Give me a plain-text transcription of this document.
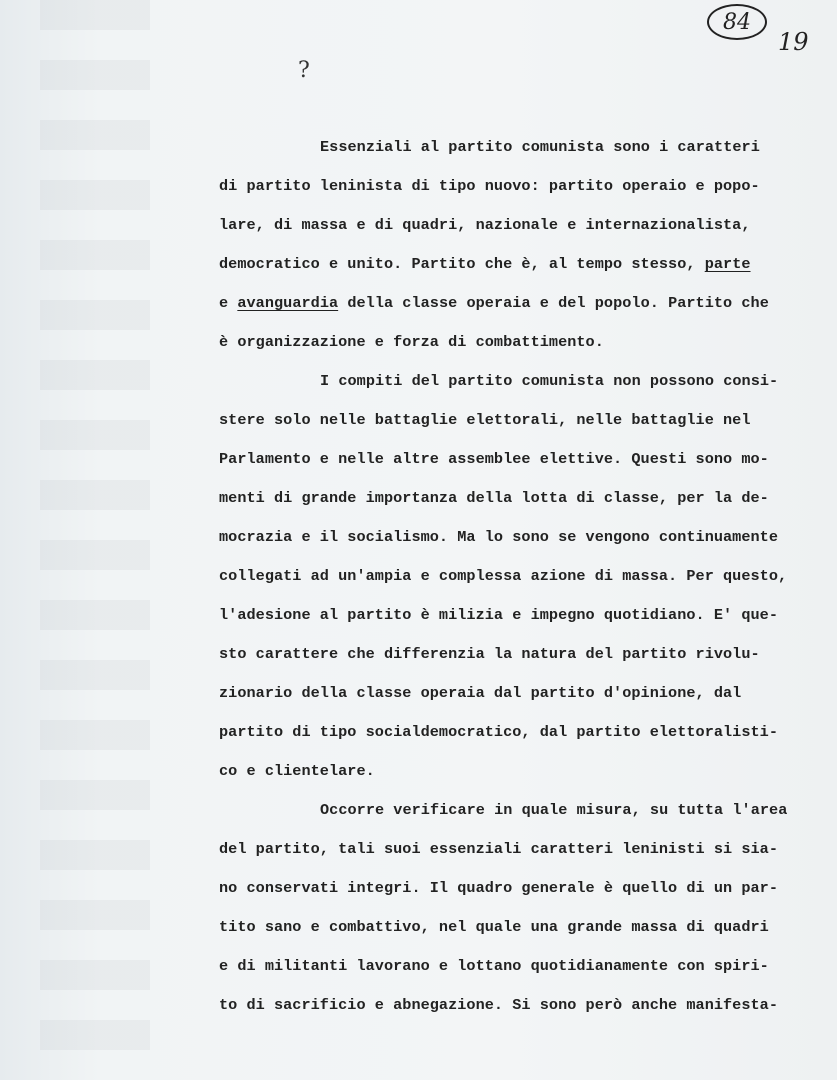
84
19
?
Essenziali al partito comunista sono i caratteri
di partito leninista di tipo nuovo: partito operaio e popo-
lare, di massa e di quadri, nazionale e internazionalista,
democratico e unito. Partito che è, al tempo stesso, parte
e avanguardia della classe operaia e del popolo. Partito che
è organizzazione e forza di combattimento.
I compiti del partito comunista non possono consi-
stere solo nelle battaglie elettorali, nelle battaglie nel
Parlamento e nelle altre assemblee elettive. Questi sono mo-
menti di grande importanza della lotta di classe, per la de-
mocrazia e il socialismo. Ma lo sono se vengono continuamente
collegati ad un'ampia e complessa azione di massa. Per questo,
l'adesione al partito è milizia e impegno quotidiano. E' que-
sto carattere che differenzia la natura del partito rivolu-
zionario della classe operaia dal partito d'opinione, dal
partito di tipo socialdemocratico, dal partito elettoralisti-
co e clientelare.
Occorre verificare in quale misura, su tutta l'area
del partito, tali suoi essenziali caratteri leninisti si sia-
no conservati integri. Il quadro generale è quello di un par-
tito sano e combattivo, nel quale una grande massa di quadri
e di militanti lavorano e lottano quotidianamente con spiri-
to di sacrificio e abnegazione. Si sono però anche manifesta-
